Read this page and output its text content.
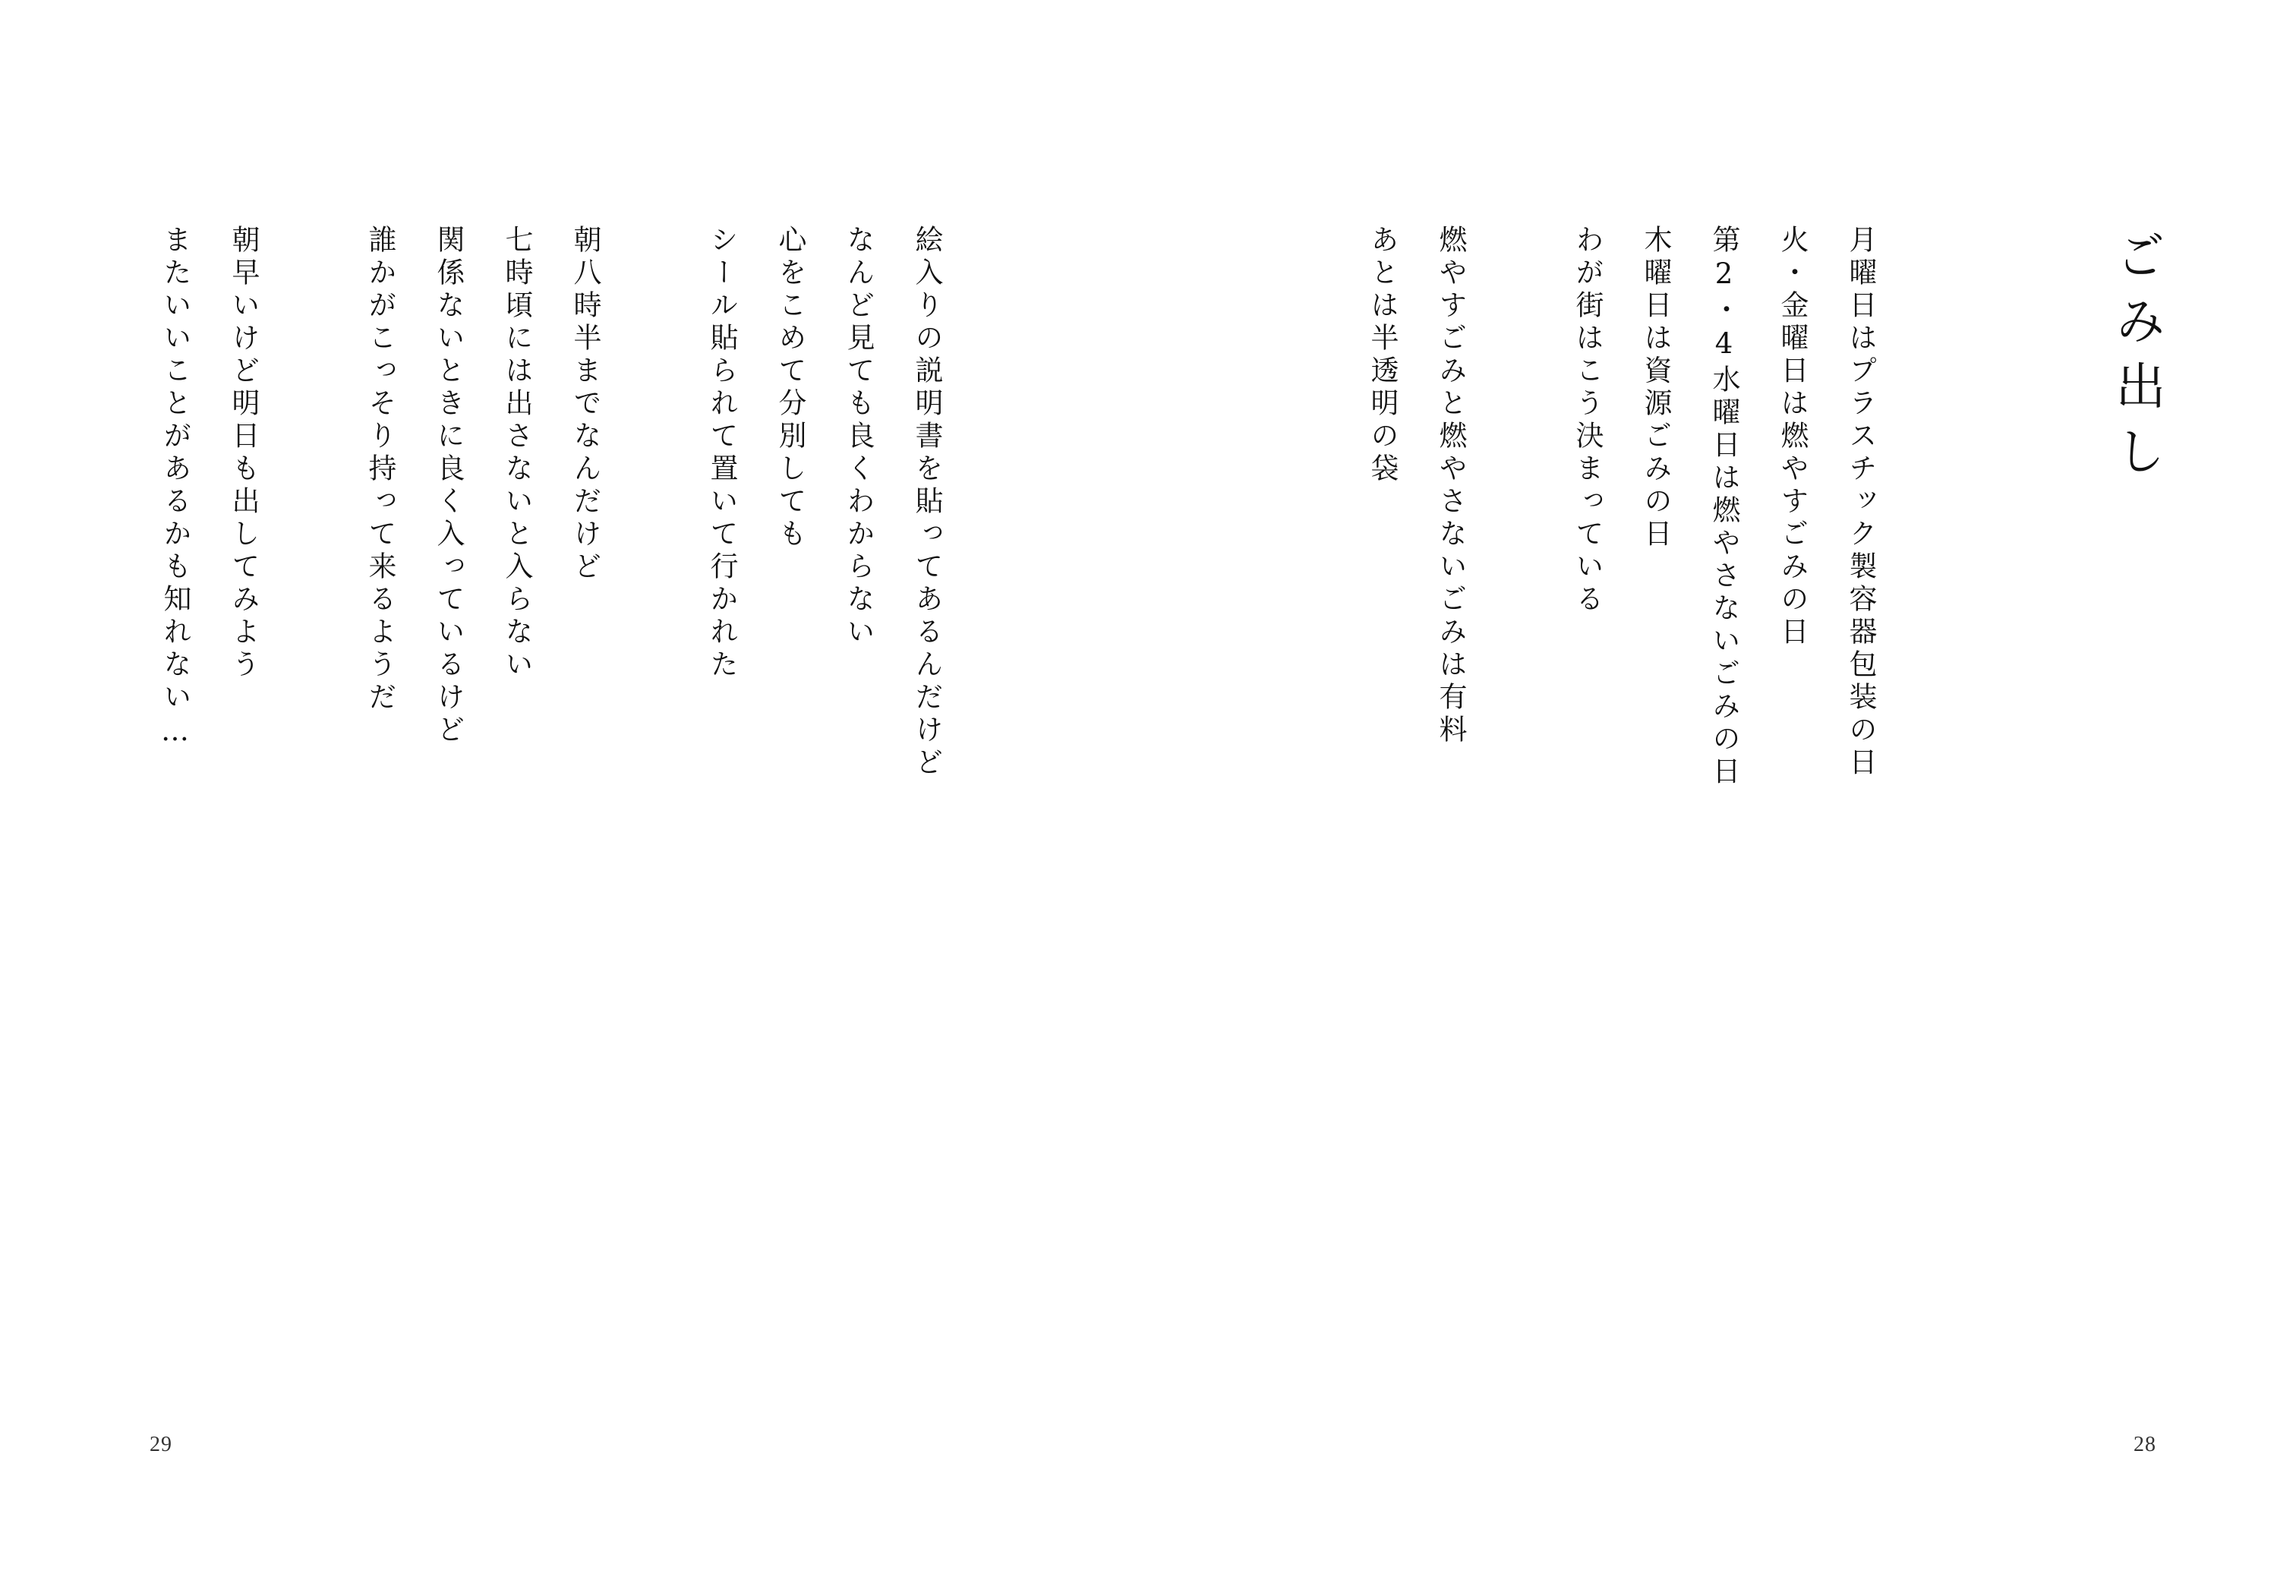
ごみ出し
月曜日はプラスチック製容器包装の日
火・金曜日は燃やすごみの日
第2・4水曜日は燃やさないごみの日
木曜日は資源ごみの日
わが街はこう決まっている
燃やすごみと燃やさないごみは有料
あとは半透明の袋
絵入りの説明書を貼ってあるんだけど
なんど見ても良くわからない
心をこめて分別しても
シール貼られて置いて行かれた
朝八時半までなんだけど
七時頃には出さないと入らない
関係ないときに良く入っているけど
誰かがこっそり持って来るようだ
朝早いけど明日も出してみよう
またいいことがあるかも知れない…
29	28
